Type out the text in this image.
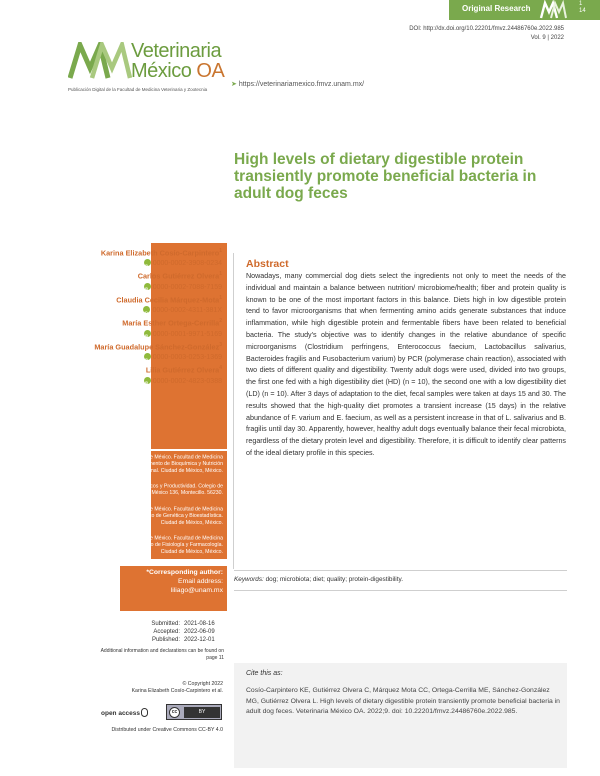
Original Research	1
14
DOI: http://dx.doi.org/10.22201/fmvz.24486760e.2022.985
Vol. 9 | 2022
Veterinaria
México OA
Publicación Digital de la Facultad de Medicina Veterinaria y Zootecnia
➤ https://veterinariamexico.fmvz.unam.mx/
High levels of dietary digestible protein transiently promote beneficial bacteria in adult dog feces
Karina Elizabeth Cosío-Carpintero$^1$
iD0000-0002-3908-0234
Carlos Gutiérrez Olvera$^1$
iD0000-0002-7088-7159
Claudia Cecilia Márquez-Mota$^1$
iD0000-0002-4311-381X
María Esther Ortega-Cerrilla$^2$
iD0000-0001-9971-5169
María Guadalupe Sánchez-González$^3$
iD0000-0003-0253-1369
Lilia Gutiérrez Olvera$^4$
iD0000-0002-4823-0388
$^1$Universidad Nacional Autónoma de México. Facultad de Medicina Veterinaria y Zootecnia. Departamento de Bioquímica y Nutrición Animal. Ciudad de México, México.
$^2$Instituto de Recursos Genéticos y Productividad. Colegio de Postgraduados. Km. 36.5, México 136, Montecillo. 56230.
$^3$Universidad Nacional Autónoma de México. Facultad de Medicina Veterinaria y Zootecnia. Departamento de Genética y Bioestadística. Ciudad de México, México.
$^4$Universidad Nacional Autónoma de México. Facultad de Medicina Veterinaria y Zootecnia. Departamento de Fisiología y Farmacología. Ciudad de México, México.
*Corresponding author:
Email address:
liliago@unam.mx
Submitted: 2021-08-16
Accepted: 2022-06-09
Published: 2022-12-01
Additional information and declarations can be found on page 11
© Copyright 2022
Karina Elizabeth Cosío-Carpintero et al.
open access	cc	BY
Distributed under Creative Commons CC-BY 4.0
Abstract
Nowadays, many commercial dog diets select the ingredients not only to meet the needs of the individual and maintain a balance between nutrition/ microbiome/health; fiber and protein quality is known to be one of the most important factors in this balance. Diets high in low digestible protein tend to favor microorganisms that when fermenting amino acids generate substances that induce inflammation, while high digestible protein and fermentable fibers have been related to beneficial bacteria. The study's objective was to identify changes in the relative abundance of specific microorganisms (Clostridium perfringens, Enterococcus faecium, Lactobacillus salivarius, Bacteroides fragilis and Fusobacterium varium) by PCR (polymerase chain reaction), associated with two diets of different quality and digestibility. Twenty adult dogs were used, divided into two groups, the first one fed with a high digestibility diet (HD) (n = 10), the second one with a low digestibility diet (LD) (n = 10). After 3 days of adaptation to the diet, fecal samples were taken at days 15 and 30. The results showed that the high-quality diet promotes a transient increase (15 days) in the relative abundance of F. varium and E. faecium, as well as a persistent increase in that of L. salivarius and B. fragilis until day 30. Apparently, however, healthy adult dogs eventually balance their fecal microbiota, regardless of the dietary protein level and digestibility. Therefore, it is difficult to identify clear patterns of the ideal dietary profile in this species.
Keywords: dog; microbiota; diet; quality; protein-digestibility.
Cite this as:
Cosío-Carpintero KE, Gutiérrez Olvera C, Márquez Mota CC, Ortega-Cerrilla ME, Sánchez-González MG, Gutiérrez Olvera L. High levels of dietary digestible protein transiently promote beneficial bacteria in adult dog feces. Veterinaria México OA. 2022;9. doi: 10.22201/fmvz.24486760e.2022.985.
